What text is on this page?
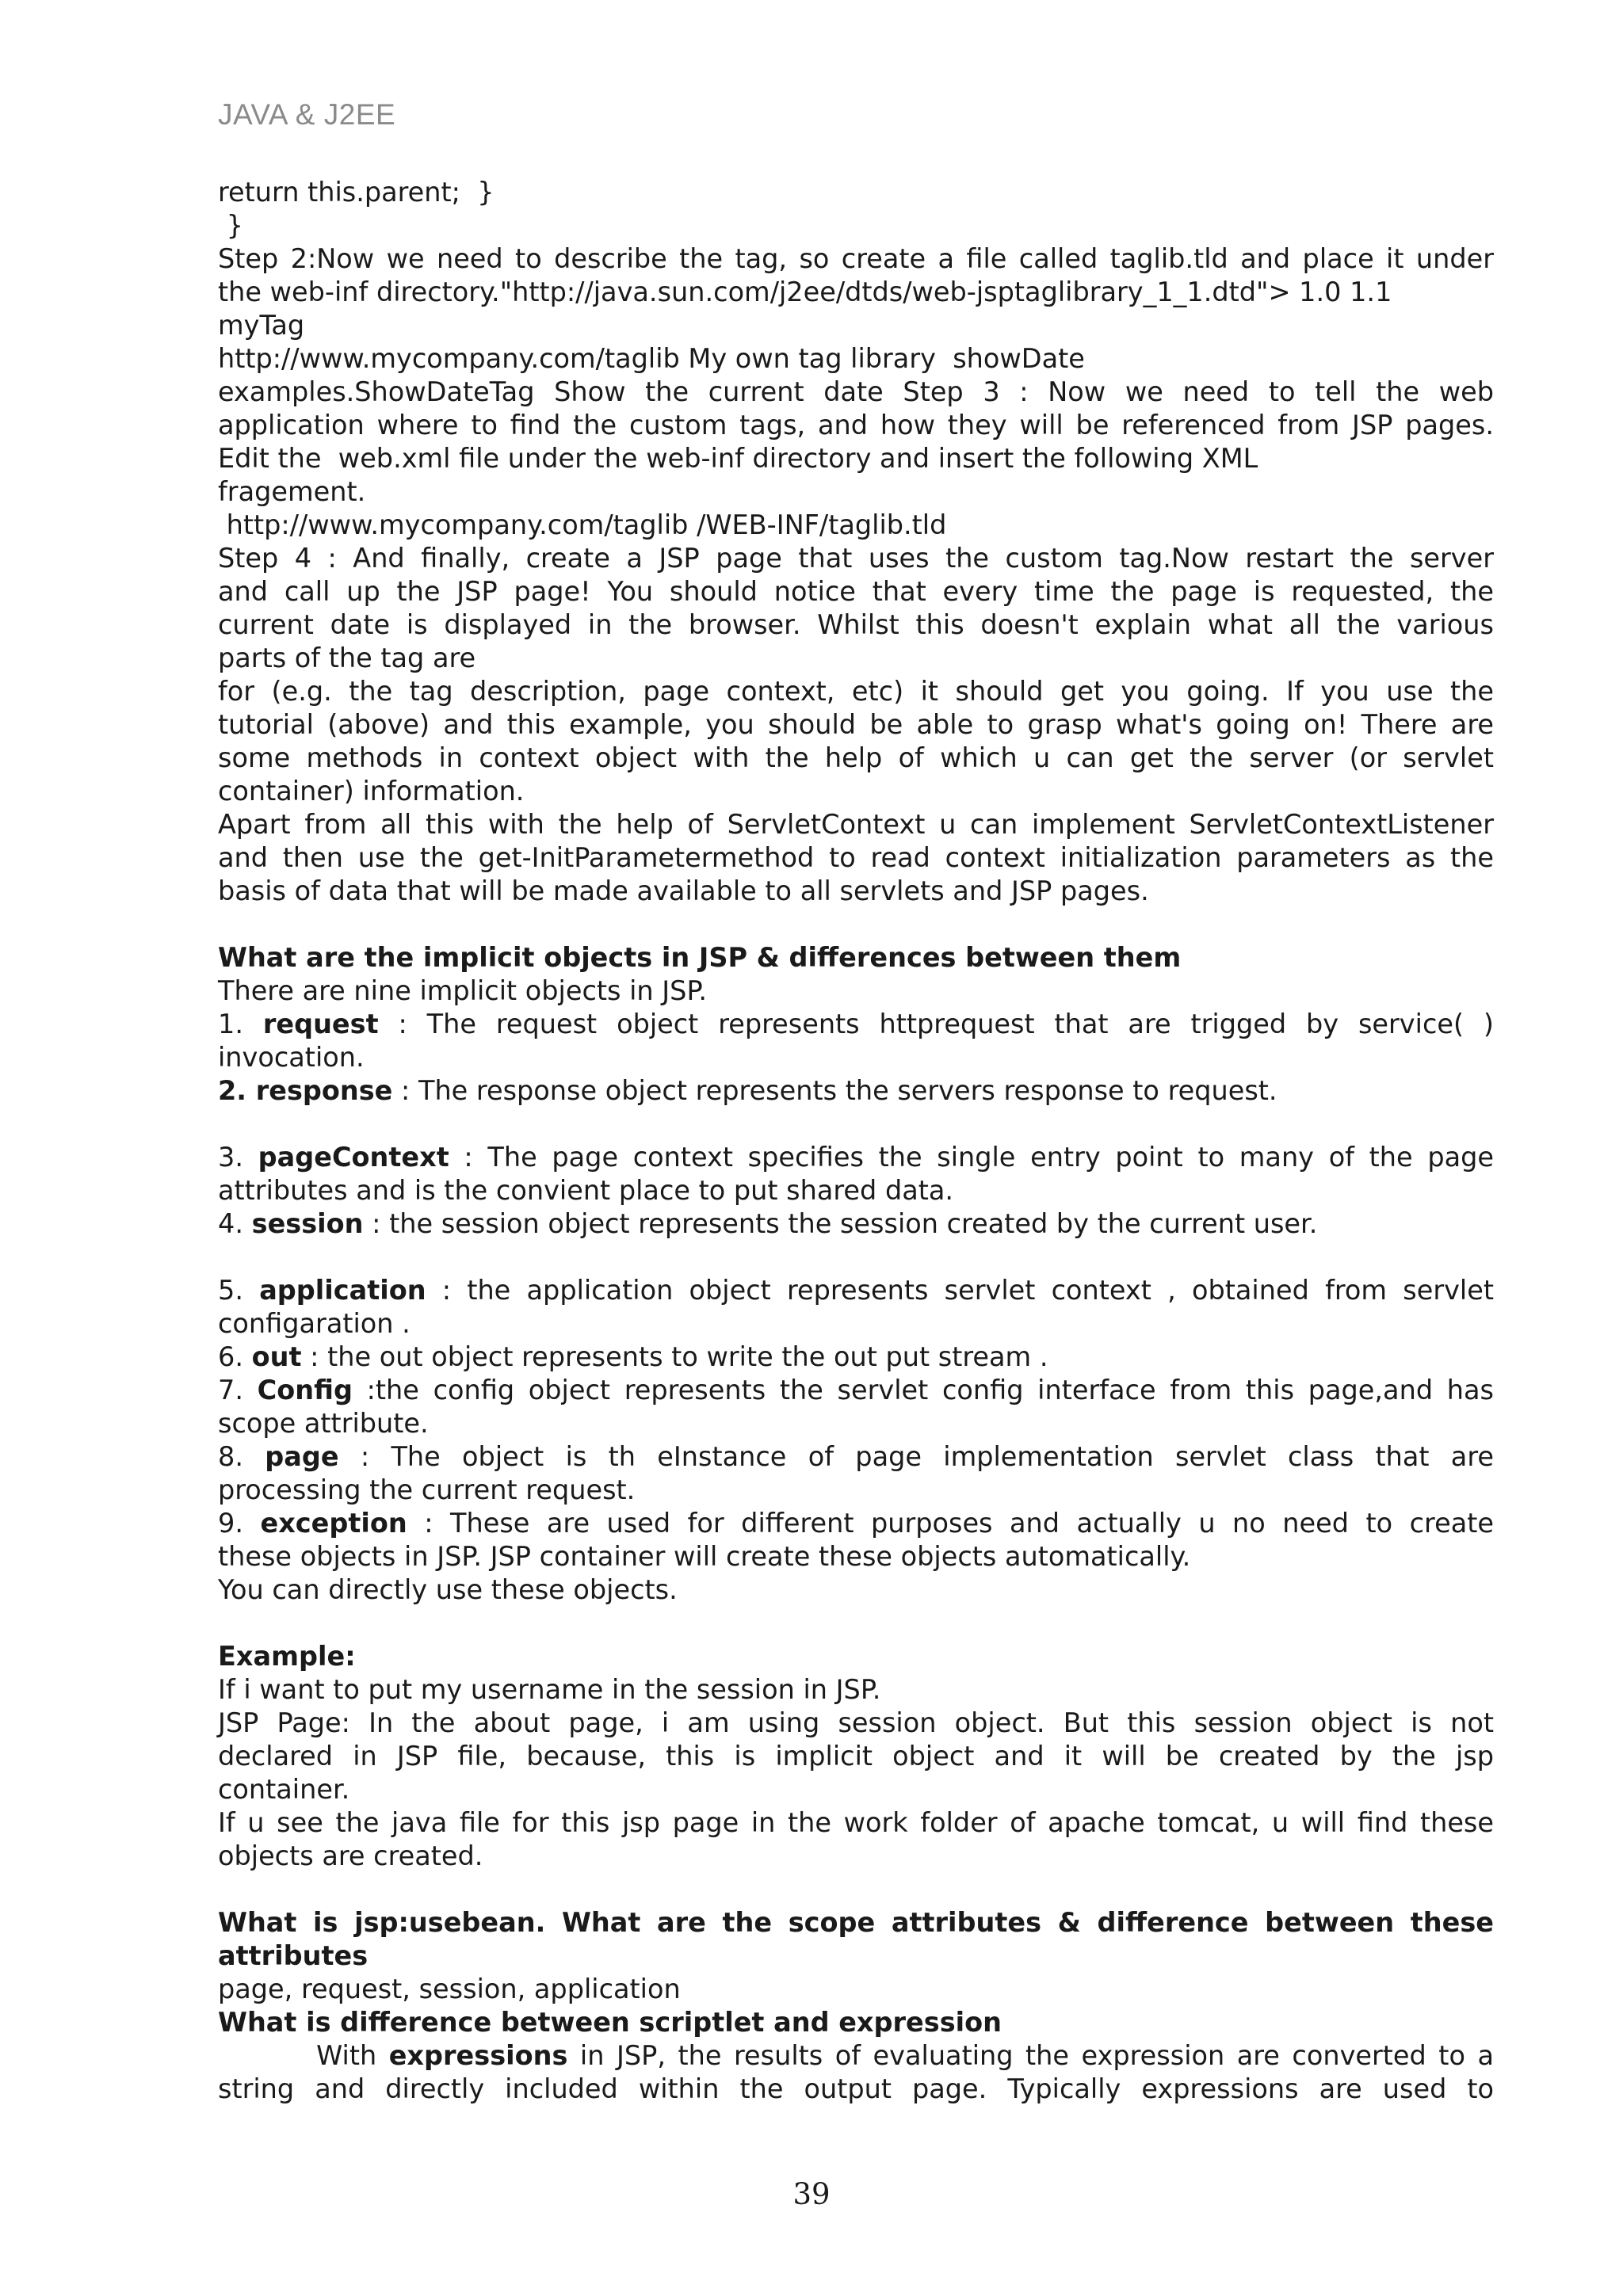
JAVA & J2EE
return this.parent;  }
}
Step 2:Now we need to describe the tag, so create a file called taglib.tld and place it under
the web-inf directory."http://java.sun.com/j2ee/dtds/web-jsptaglibrary_1_1.dtd"> 1.0 1.1
myTag
http://www.mycompany.com/taglib My own tag library  showDate
examples.ShowDateTag Show the current date Step 3 : Now we need to tell the web
application where to find the custom tags, and how they will be referenced from JSP pages.
Edit the  web.xml file under the web-inf directory and insert the following XML
fragement.
http://www.mycompany.com/taglib /WEB-INF/taglib.tld
Step 4 : And finally, create a JSP page that uses the custom tag.Now restart the server
and call up the JSP page! You should notice that every time the page is requested, the
current date is displayed in the browser. Whilst this doesn't explain what all the various
parts of the tag are
for (e.g. the tag description, page context, etc) it should get you going. If you use the
tutorial (above) and this example, you should be able to grasp what's going on! There are
some methods in context object with the help of which u can get the server (or servlet
container) information.
Apart from all this with the help of ServletContext u can implement ServletContextListener
and then use the get-InitParametermethod to read context initialization parameters as the
basis of data that will be made available to all servlets and JSP pages.
What are the implicit objects in JSP & differences between them
There are nine implicit objects in JSP.
1. request : The request object represents httprequest that are trigged by service( )
invocation.
2. response : The response object represents the servers response to request.
3. pageContext : The page context specifies the single entry point to many of the page
attributes and is the convient place to put shared data.
4. session : the session object represents the session created by the current user.
5. application : the application object represents servlet context , obtained from servlet
configaration .
6. out : the out object represents to write the out put stream .
7. Config :the config object represents the servlet config interface from this page,and has
scope attribute.
8. page : The object is th eInstance of page implementation servlet class that are
processing the current request.
9. exception : These are used for different purposes and actually u no need to create
these objects in JSP. JSP container will create these objects automatically.
You can directly use these objects.
Example:
If i want to put my username in the session in JSP.
JSP Page: In the about page, i am using session object. But this session object is not
declared in JSP file, because, this is implicit object and it will be created by the jsp
container.
If u see the java file for this jsp page in the work folder of apache tomcat, u will find these
objects are created.
What is jsp:usebean. What are the scope attributes & difference between these
attributes
page, request, session, application
What is difference between scriptlet and expression
With expressions in JSP, the results of evaluating the expression are converted to a
string and directly included within the output page. Typically expressions are used to
39
